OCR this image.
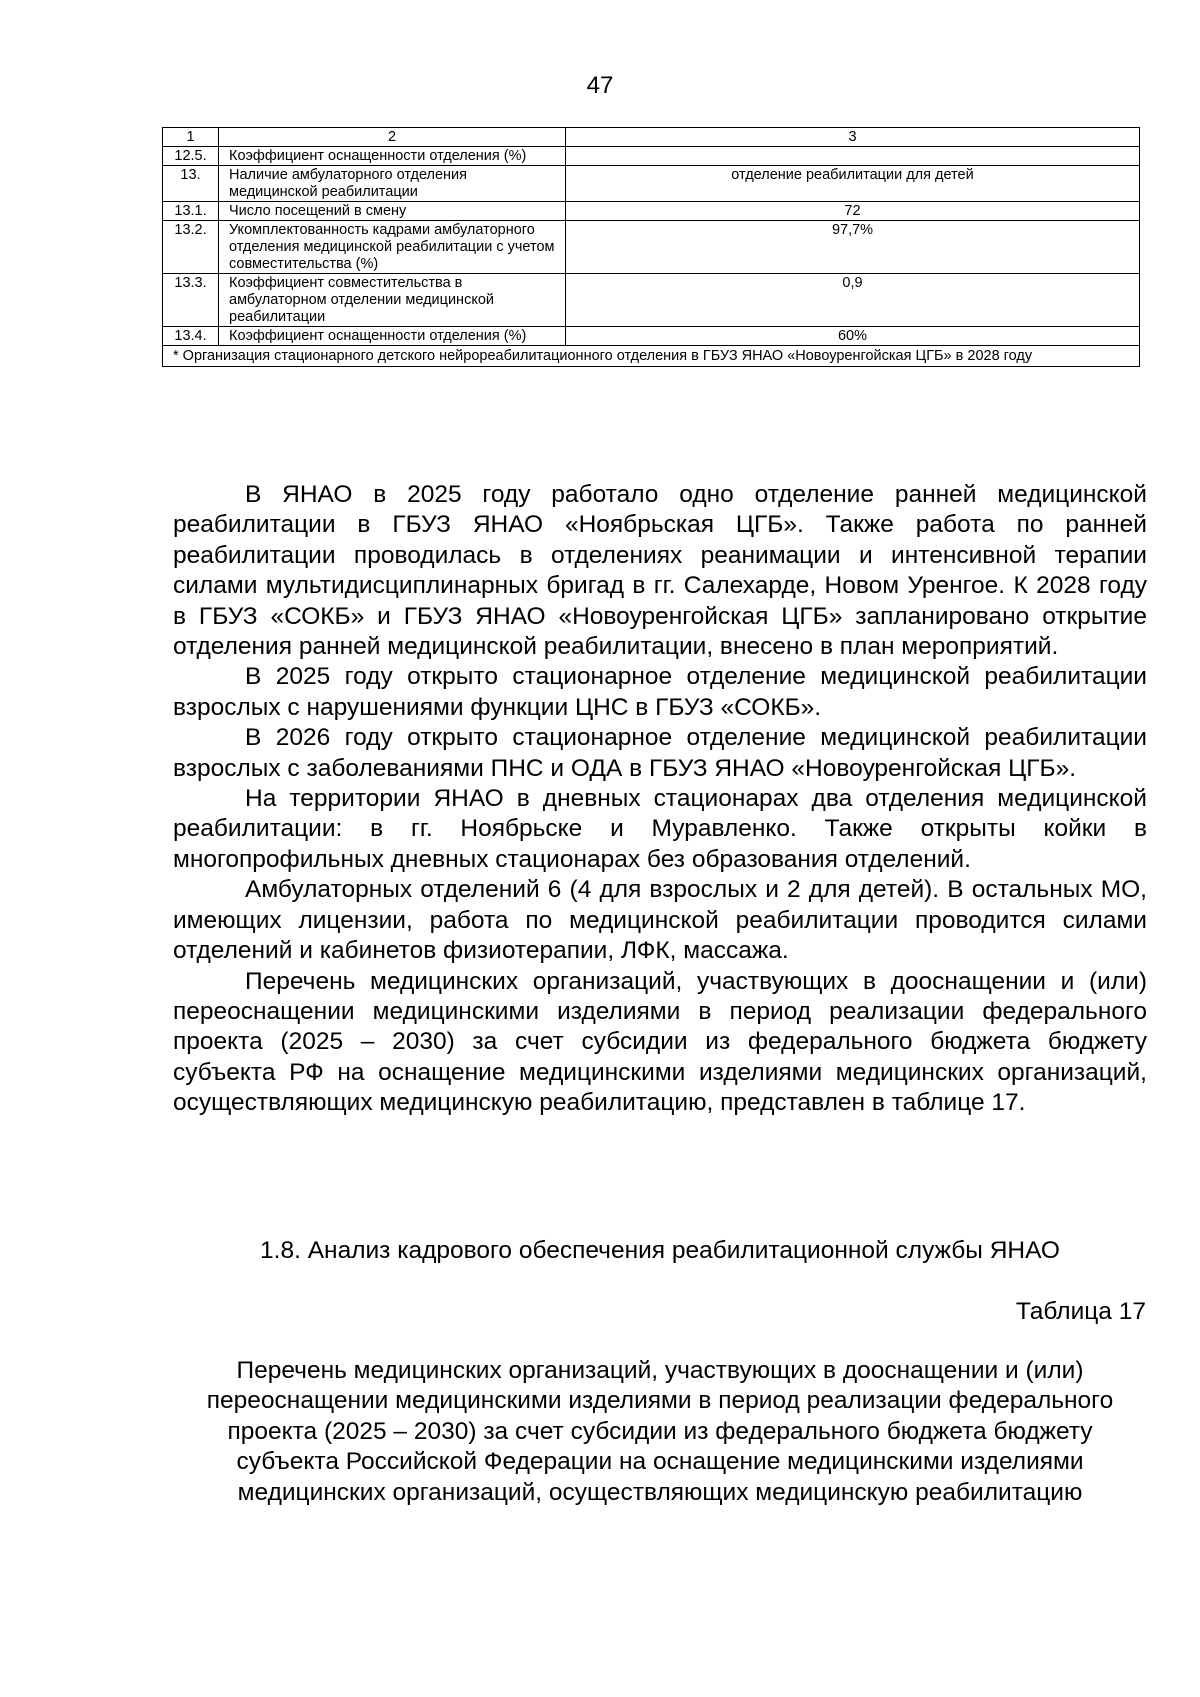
47
1	2	3
12.5.	Коэффициент оснащенности отделения (%)	
13.	Наличие амбулаторного отделения медицинской реабилитации	отделение реабилитации для детей
13.1.	Число посещений в смену	72
13.2.	Укомплектованность кадрами амбулаторного отделения медицинской реабилитации с учетом совместительства (%)	97,7%
13.3.	Коэффициент совместительства в амбулаторном отделении медицинской реабилитации	0,9
13.4.	Коэффициент оснащенности отделения (%)	60%
* Организация стационарного детского нейрореабилитационного отделения в ГБУЗ ЯНАО «Новоуренгойская ЦГБ» в 2028 году		

В ЯНАО в 2025 году работало одно отделение ранней медицинской реабилитации в ГБУЗ ЯНАО «Ноябрьская ЦГБ». Также работа по ранней реабилитации проводилась в отделениях реанимации и интенсивной терапии силами мультидисциплинарных бригад в гг. Салехарде, Новом Уренгое. К 2028 году в ГБУЗ «СОКБ» и ГБУЗ ЯНАО «Новоуренгойская ЦГБ» запланировано открытие отделения ранней медицинской реабилитации, внесено в план мероприятий.

В 2025 году открыто стационарное отделение медицинской реабилитации взрослых с нарушениями функции ЦНС в ГБУЗ «СОКБ».

В 2026 году открыто стационарное отделение медицинской реабилитации взрослых с заболеваниями ПНС и ОДА в ГБУЗ ЯНАО «Новоуренгойская ЦГБ».

На территории ЯНАО в дневных стационарах два отделения медицинской реабилитации: в гг. Ноябрьске и Муравленко. Также открыты койки в многопрофильных дневных стационарах без образования отделений.

Амбулаторных отделений 6 (4 для взрослых и 2 для детей). В остальных МО, имеющих лицензии, работа по медицинской реабилитации проводится силами отделений и кабинетов физиотерапии, ЛФК, массажа.

Перечень медицинских организаций, участвующих в дооснащении и (или) переоснащении медицинскими изделиями в период реализации федерального проекта (2025 – 2030) за счет субсидии из федерального бюджета бюджету субъекта РФ на оснащение медицинскими изделиями медицинских организаций, осуществляющих медицинскую реабилитацию, представлен в таблице 17.

1.8. Анализ кадрового обеспечения реабилитационной службы ЯНАО
Таблица 17
Перечень медицинских организаций, участвующих в дооснащении и (или) переоснащении медицинскими изделиями в период реализации федерального проекта (2025 – 2030) за счет субсидии из федерального бюджета бюджету субъекта Российской Федерации на оснащение медицинскими изделиями медицинских организаций, осуществляющих медицинскую реабилитацию
